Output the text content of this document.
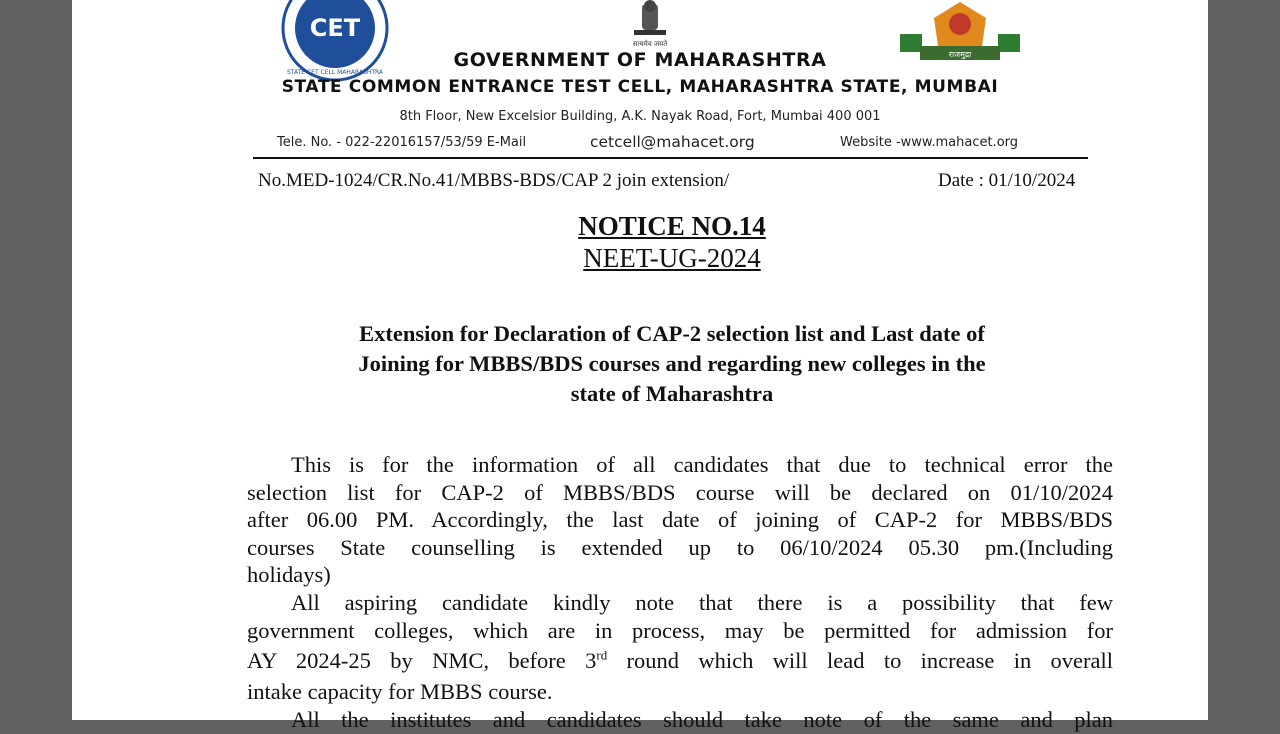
CET
STATE CET CELL MAHARASHTRA
सत्यमेव जयते
राजमुद्रा
GOVERNMENT OF MAHARASHTRA
STATE COMMON ENTRANCE TEST CELL, MAHARASHTRA STATE, MUMBAI
8th Floor, New Excelsior Building, A.K. Nayak Road, Fort, Mumbai 400 001
Tele. No. - 022-22016157/53/59 E-Mail	cetcell@mahacet.org	Website -www.mahacet.org
No.MED-1024/CR.No.41/MBBS-BDS/CAP 2 join extension/	Date : 01/10/2024
NOTICE NO.14
NEET-UG-2024
Extension for Declaration of CAP-2 selection list and Last date of
Joining for MBBS/BDS courses and regarding new colleges in the
state of Maharashtra
This is for the information of all candidates that due to technical error the
selection list for CAP-2 of MBBS/BDS course will be declared on 01/10/2024
after 06.00 PM. Accordingly, the last date of joining of CAP-2 for MBBS/BDS
courses State counselling is extended up to 06/10/2024 05.30 pm.(Including
holidays)
All aspiring candidate kindly note that there is a possibility that few
government colleges, which are in process, may be permitted for admission for
AY 2024-25 by NMC, before 3rd round which will lead to increase in overall
intake capacity for MBBS course.
All the institutes and candidates should take note of the same and plan
